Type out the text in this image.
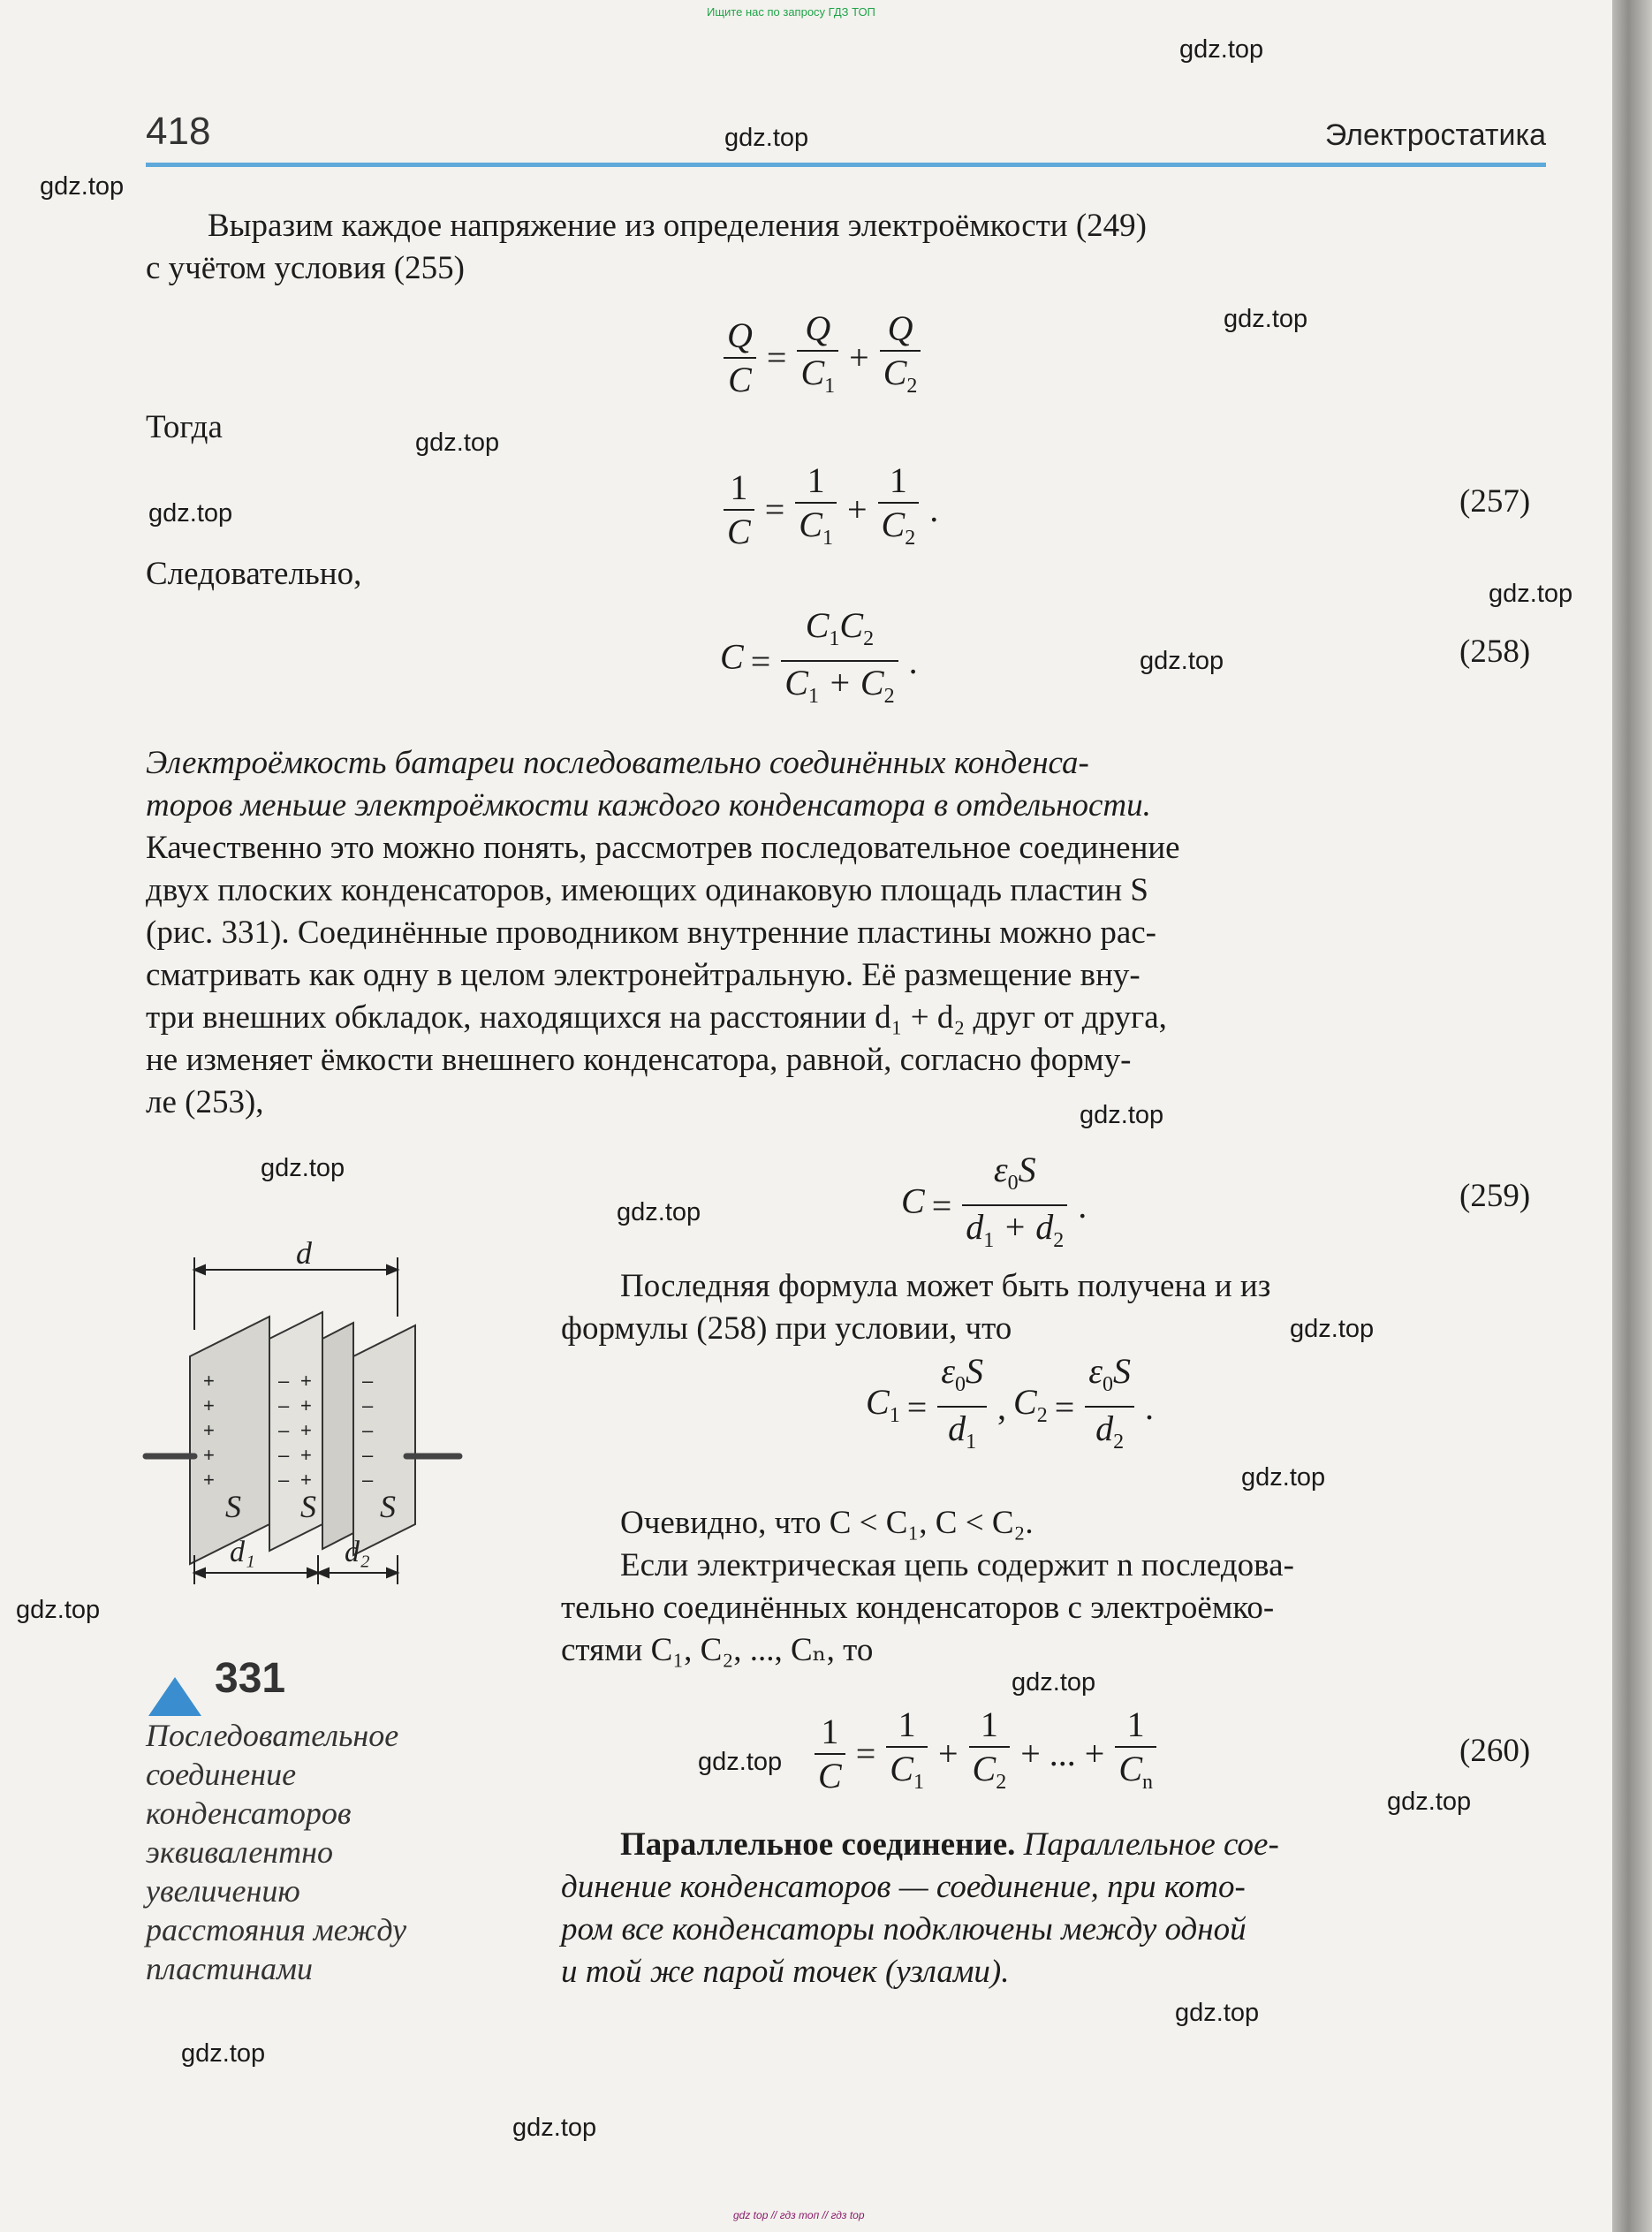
Ищите нас по запросу ГДЗ ТОП
gdz.top
gdz.top
gdz.top
gdz.top
gdz.top
gdz.top
gdz.top
gdz.top
gdz.top
gdz.top
gdz.top
gdz.top
gdz.top
gdz.top
gdz.top
gdz.top
gdz.top
gdz.top
gdz.top
gdz.top
418	Электростатика
Выразим каждое напряжение из определения электроёмкости (249)
с учётом условия (255)
$\frac{Q}{C} = \frac{Q}{C_1} + \frac{Q}{C_2}$
Тогда
$\frac{1}{C} = \frac{1}{C_1} + \frac{1}{C_2}$ .	(257)
Следовательно,
$C = \frac{C_1C_2}{C_1 + C_2}$ .	(258)
Электроёмкость батареи последовательно соединённых конденса-
торов меньше электроёмкости каждого конденсатора в отдельности.
Качественно это можно понять, рассмотрев последовательное соединение
двух плоских конденсаторов, имеющих одинаковую площадь пластин S
(рис. 331). Соединённые проводником внутренние пластины можно рас-
сматривать как одну в целом электронейтральную. Её размещение вну-
три внешних обкладок, находящихся на расстоянии d₁ + d₂ друг от друга,
не изменяет ёмкости внешнего конденсатора, равной, согласно форму-
ле (253),
$C = \frac{\varepsilon_0S}{d_1 + d_2}$ .	(259)
+
+
+
+
+
–
–
–
–
–
+
+
+
+
+
–
–
–
–
–
d
S S S
d₁	d₂
Последняя формула может быть получена и из
формулы (258) при условии, что
$C_1 = \frac{\varepsilon_0S}{d_1}$ , $C_2 = \frac{\varepsilon_0S}{d_2}$ .
Очевидно, что C < C₁, C < C₂.
Если электрическая цепь содержит n последова-
тельно соединённых конденсаторов с электроёмко-
стями C₁, C₂, ..., Cₙ, то
$\frac{1}{C} = \frac{1}{C_1} + \frac{1}{C_2}$ + ... + $\frac{1}{C_n}$	(260)
Параллельное соединение. Параллельное сое-
динение конденсаторов — соединение, при кото-
ром все конденсаторы подключены между одной
и той же парой точек (узлами).
331
Последовательное
соединение
конденсаторов
эквивалентно
увеличению
расстояния между
пластинами
gdz top // гдз топ // гдз top
